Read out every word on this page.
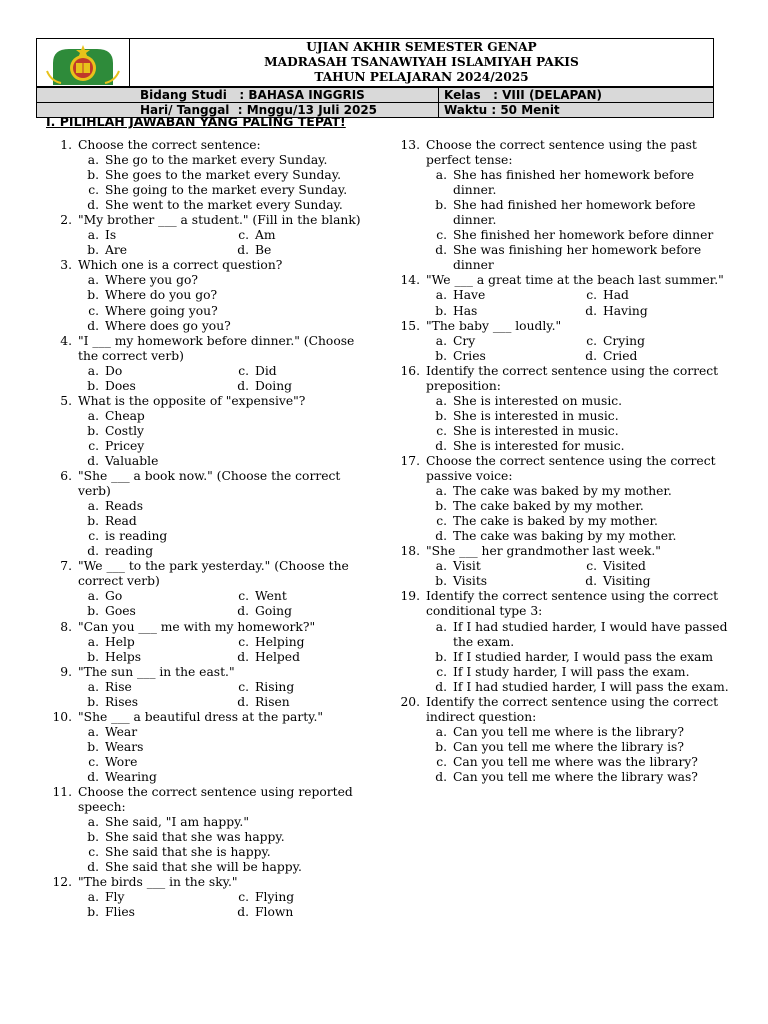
UJIAN AKHIR SEMESTER GENAP
MADRASAH TSANAWIYAH ISLAMIYAH PAKIS
TAHUN PELAJARAN 2024/2025
Bidang Studi   : BAHASA INGGRIS	Kelas   : VIII (DELAPAN)
Hari/ Tanggal  : Mnggu/13 Juli 2025	Waktu : 50 Menit
I. PILIHLAH JAWABAN YANG PALING TEPAT!
1. Choose the correct sentence:
a. She go to the market every Sunday.
b. She goes to the market every Sunday.
c. She going to the market every Sunday.
d. She went to the market every Sunday.
2. "My brother ___ a student." (Fill in the blank)
a. Is	c. Am
b. Are	d. Be
3. Which one is a correct question?
a. Where you go?
b. Where do you go?
c. Where going you?
d. Where does go you?
4. "I ___ my homework before dinner." (Choose the correct verb)
a. Do	c. Did
b. Does	d. Doing
5. What is the opposite of "expensive"?
a. Cheap
b. Costly
c. Pricey
d. Valuable
6. "She ___ a book now." (Choose the correct verb)
a. Reads
b. Read
c. is reading
d. reading
7. "We ___ to the park yesterday." (Choose the correct verb)
a. Go	c. Went
b. Goes	d. Going
8. "Can you ___ me with my homework?"
a. Help	c. Helping
b. Helps	d. Helped
9. "The sun ___ in the east."
a. Rise	c. Rising
b. Rises	d. Risen
10. "She ___ a beautiful dress at the party."
a. Wear
b. Wears
c. Wore
d. Wearing
11. Choose the correct sentence using reported speech:
a. She said, "I am happy."
b. She said that she was happy.
c. She said that she is happy.
d. She said that she will be happy.
12. "The birds ___ in the sky."
a. Fly	c. Flying
b. Flies	d. Flown
13. Choose the correct sentence using the past perfect tense:
a. She has finished her homework before dinner.
b. She had finished her homework before dinner.
c. She finished her homework before dinner
d. She was finishing her homework before dinner
14. "We ___ a great time at the beach last summer."
a. Have	c. Had
b. Has	d. Having
15. "The baby ___ loudly."
a. Cry	c. Crying
b. Cries	d. Cried
16. Identify the correct sentence using the correct preposition:
a. She is interested on music.
b. She is interested in music.
c. She is interested in music.
d. She is interested for music.
17. Choose the correct sentence using the correct passive voice:
a. The cake was baked by my mother.
b. The cake baked by my mother.
c. The cake is baked by my mother.
d. The cake was baking by my mother.
18. "She ___ her grandmother last week."
a. Visit	c. Visited
b. Visits	d. Visiting
19. Identify the correct sentence using the correct conditional type 3:
a. If I had studied harder, I would have passed the exam.
b. If I studied harder, I would pass the exam
c. If I study harder, I will pass the exam.
d. If I had studied harder, I will pass the exam.
20. Identify the correct sentence using the correct indirect question:
a. Can you tell me where is the library?
b. Can you tell me where the library is?
c. Can you tell me where was the library?
d. Can you tell me where the library was?
